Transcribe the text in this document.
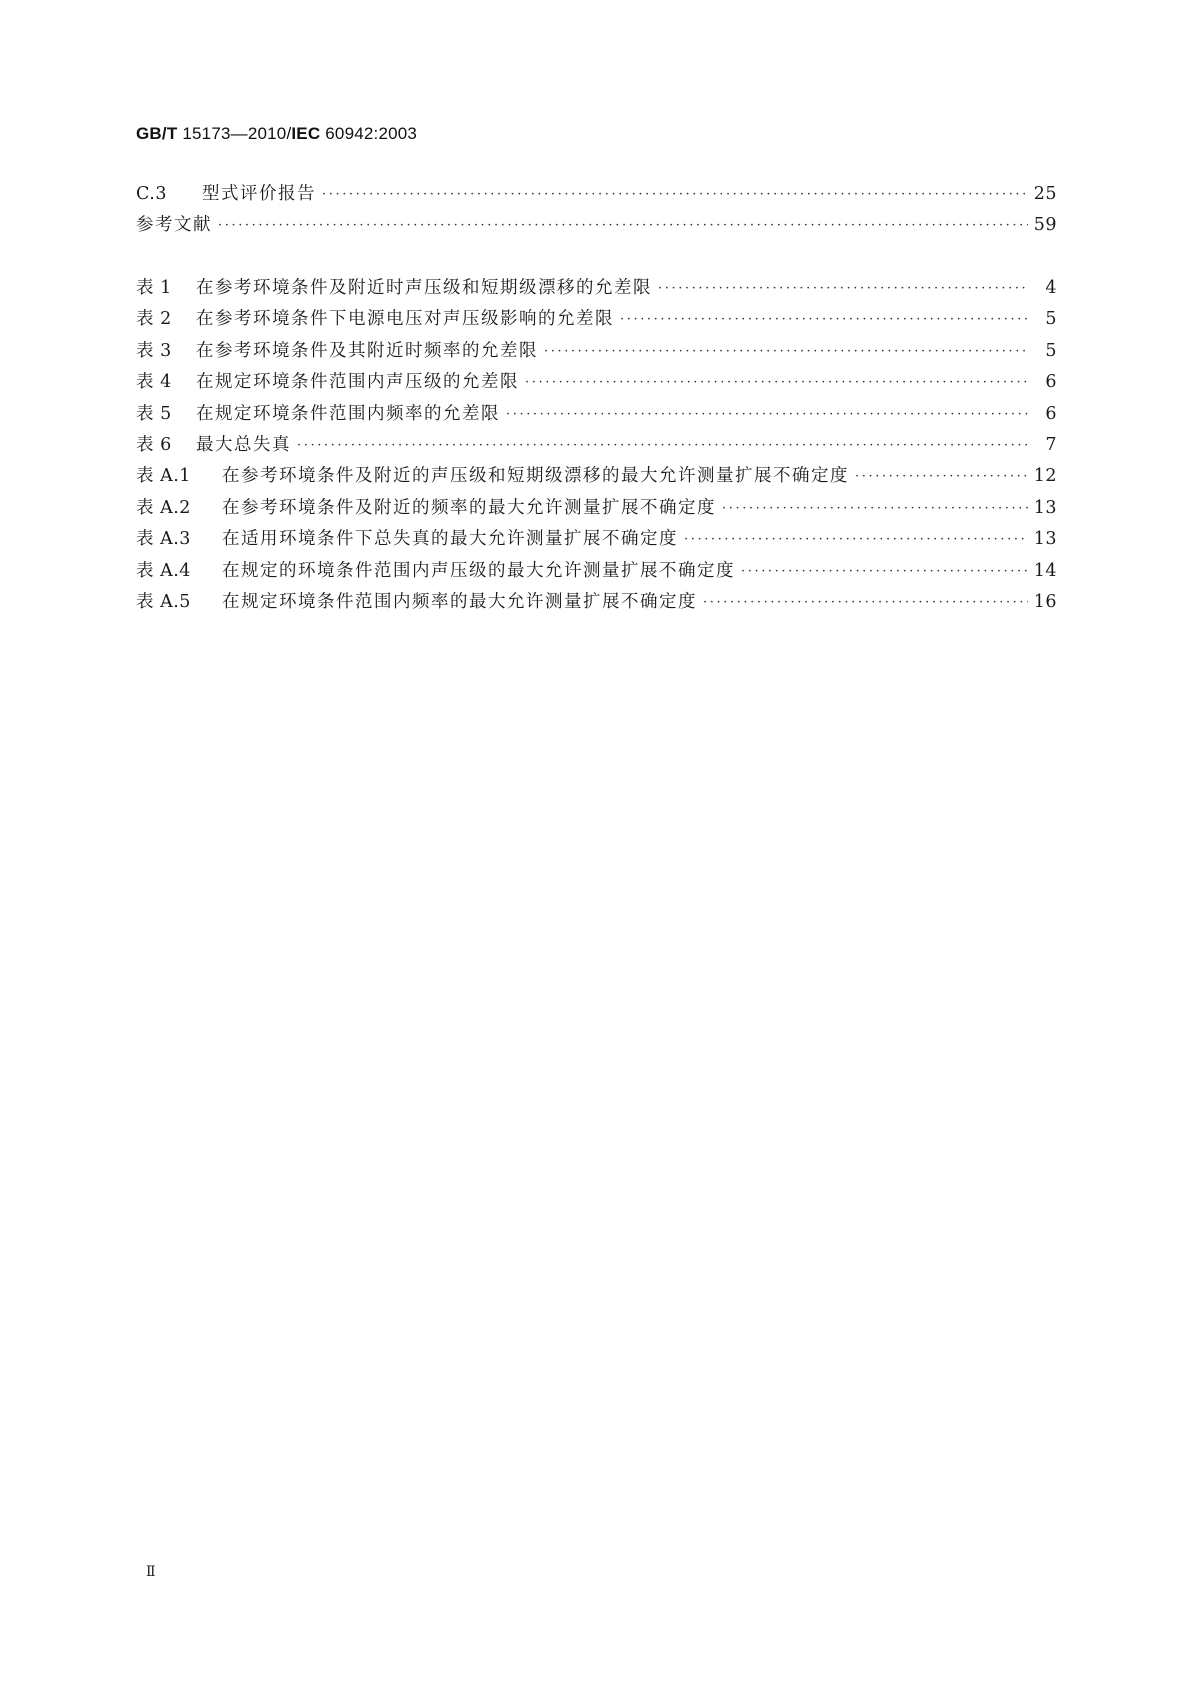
GB/T 15173—2010/IEC 60942:2003
C.3	型式评价报告 ·····	25
参考文献 ·····	59
表 1	在参考环境条件及附近时声压级和短期级漂移的允差限 ·····	4
表 2	在参考环境条件下电源电压对声压级影响的允差限 ·····	5
表 3	在参考环境条件及其附近时频率的允差限 ·····	5
表 4	在规定环境条件范围内声压级的允差限 ·····	6
表 5	在规定环境条件范围内频率的允差限 ·····	6
表 6	最大总失真 ·····	7
表 A.1	在参考环境条件及附近的声压级和短期级漂移的最大允许测量扩展不确定度 ·····	12
表 A.2	在参考环境条件及附近的频率的最大允许测量扩展不确定度 ·····	13
表 A.3	在适用环境条件下总失真的最大允许测量扩展不确定度 ·····	13
表 A.4	在规定的环境条件范围内声压级的最大允许测量扩展不确定度 ·····	14
表 A.5	在规定环境条件范围内频率的最大允许测量扩展不确定度 ·····	16
Ⅱ
